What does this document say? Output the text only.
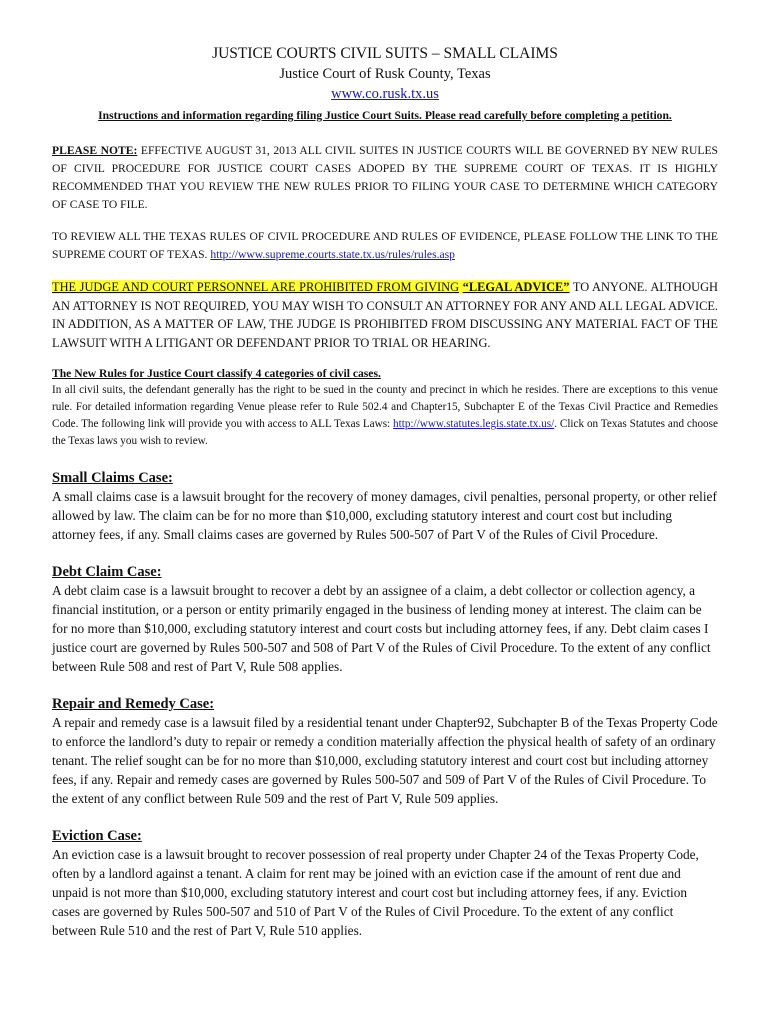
JUSTICE COURTS CIVIL SUITS – SMALL CLAIMS

Justice Court of Rusk County, Texas

www.co.rusk.tx.us

Instructions and information regarding filing Justice Court Suits. Please read carefully before completing a petition.

PLEASE NOTE: EFFECTIVE AUGUST 31, 2013 ALL CIVIL SUITES IN JUSTICE COURTS WILL BE GOVERNED BY NEW RULES OF CIVIL PROCEDURE FOR JUSTICE COURT CASES ADOPED BY THE SUPREME COURT OF TEXAS. IT IS HIGHLY RECOMMENDED THAT YOU REVIEW THE NEW RULES PRIOR TO FILING YOUR CASE TO DETERMINE WHICH CATEGORY OF CASE TO FILE.

TO REVIEW ALL THE TEXAS RULES OF CIVIL PROCEDURE AND RULES OF EVIDENCE, PLEASE FOLLOW THE LINK TO THE SUPREME COURT OF TEXAS. http://www.supreme.courts.state.tx.us/rules/rules.asp

THE JUDGE AND COURT PERSONNEL ARE PROHIBITED FROM GIVING “LEGAL ADVICE” TO ANYONE. ALTHOUGH AN ATTORNEY IS NOT REQUIRED, YOU MAY WISH TO CONSULT AN ATTORNEY FOR ANY AND ALL LEGAL ADVICE. IN ADDITION, AS A MATTER OF LAW, THE JUDGE IS PROHIBITED FROM DISCUSSING ANY MATERIAL FACT OF THE LAWSUIT WITH A LITIGANT OR DEFENDANT PRIOR TO TRIAL OR HEARING.

The New Rules for Justice Court classify 4 categories of civil cases.

In all civil suits, the defendant generally has the right to be sued in the county and precinct in which he resides. There are exceptions to this venue rule. For detailed information regarding Venue please refer to Rule 502.4 and Chapter15, Subchapter E of the Texas Civil Practice and Remedies Code. The following link will provide you with access to ALL Texas Laws: http://www.statutes.legis.state.tx.us/. Click on Texas Statutes and choose the Texas laws you wish to review.

Small Claims Case:

A small claims case is a lawsuit brought for the recovery of money damages, civil penalties, personal property, or other relief allowed by law. The claim can be for no more than $10,000, excluding statutory interest and court cost but including attorney fees, if any. Small claims cases are governed by Rules 500-507 of Part V of the Rules of Civil Procedure.

Debt Claim Case:

A debt claim case is a lawsuit brought to recover a debt by an assignee of a claim, a debt collector or collection agency, a financial institution, or a person or entity primarily engaged in the business of lending money at interest. The claim can be for no more than $10,000, excluding statutory interest and court costs but including attorney fees, if any. Debt claim cases I justice court are governed by Rules 500-507 and 508 of Part V of the Rules of Civil Procedure. To the extent of any conflict between Rule 508 and rest of Part V, Rule 508 applies.

Repair and Remedy Case:

A repair and remedy case is a lawsuit filed by a residential tenant under Chapter92, Subchapter B of the Texas Property Code to enforce the landlord’s duty to repair or remedy a condition materially affection the physical health of safety of an ordinary tenant. The relief sought can be for no more than $10,000, excluding statutory interest and court cost but including attorney fees, if any. Repair and remedy cases are governed by Rules 500-507 and 509 of Part V of the Rules of Civil Procedure. To the extent of any conflict between Rule 509 and the rest of Part V, Rule 509 applies.

Eviction Case:

An eviction case is a lawsuit brought to recover possession of real property under Chapter 24 of the Texas Property Code, often by a landlord against a tenant. A claim for rent may be joined with an eviction case if the amount of rent due and unpaid is not more than $10,000, excluding statutory interest and court cost but including attorney fees, if any. Eviction cases are governed by Rules 500-507 and 510 of Part V of the Rules of Civil Procedure. To the extent of any conflict between Rule 510 and the rest of Part V, Rule 510 applies.
